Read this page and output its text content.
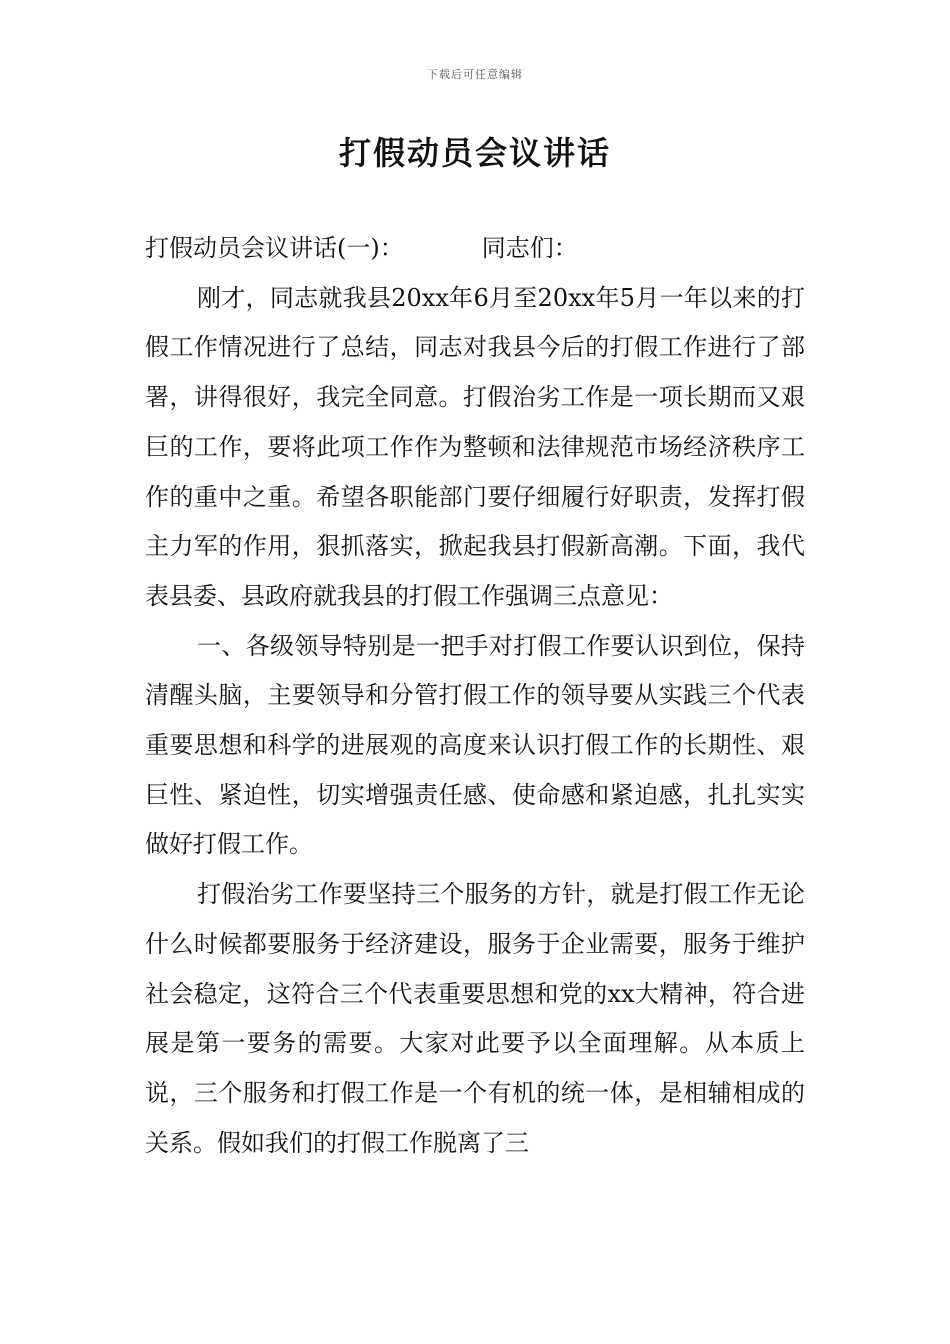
下载后可任意编辑
打假动员会议讲话

打假动员会议讲话(一)：	同志们：

刚才，同志就我县20xx年6月至20xx年5月一年以来的打假工作情况进行了总结，同志对我县今后的打假工作进行了部署，讲得很好，我完全同意。打假治劣工作是一项长期而又艰巨的工作，要将此项工作作为整顿和法律规范市场经济秩序工作的重中之重。希望各职能部门要仔细履行好职责，发挥打假主力军的作用，狠抓落实，掀起我县打假新高潮。下面，我代表县委、县政府就我县的打假工作强调三点意见：

一、各级领导特别是一把手对打假工作要认识到位，保持清醒头脑，主要领导和分管打假工作的领导要从实践三个代表重要思想和科学的进展观的高度来认识打假工作的长期性、艰巨性、紧迫性，切实增强责任感、使命感和紧迫感，扎扎实实做好打假工作。

打假治劣工作要坚持三个服务的方针，就是打假工作无论什么时候都要服务于经济建设，服务于企业需要，服务于维护社会稳定，这符合三个代表重要思想和党的xx大精神，符合进展是第一要务的需要。大家对此要予以全面理解。从本质上说，三个服务和打假工作是一个有机的统一体，是相辅相成的关系。假如我们的打假工作脱离了三
